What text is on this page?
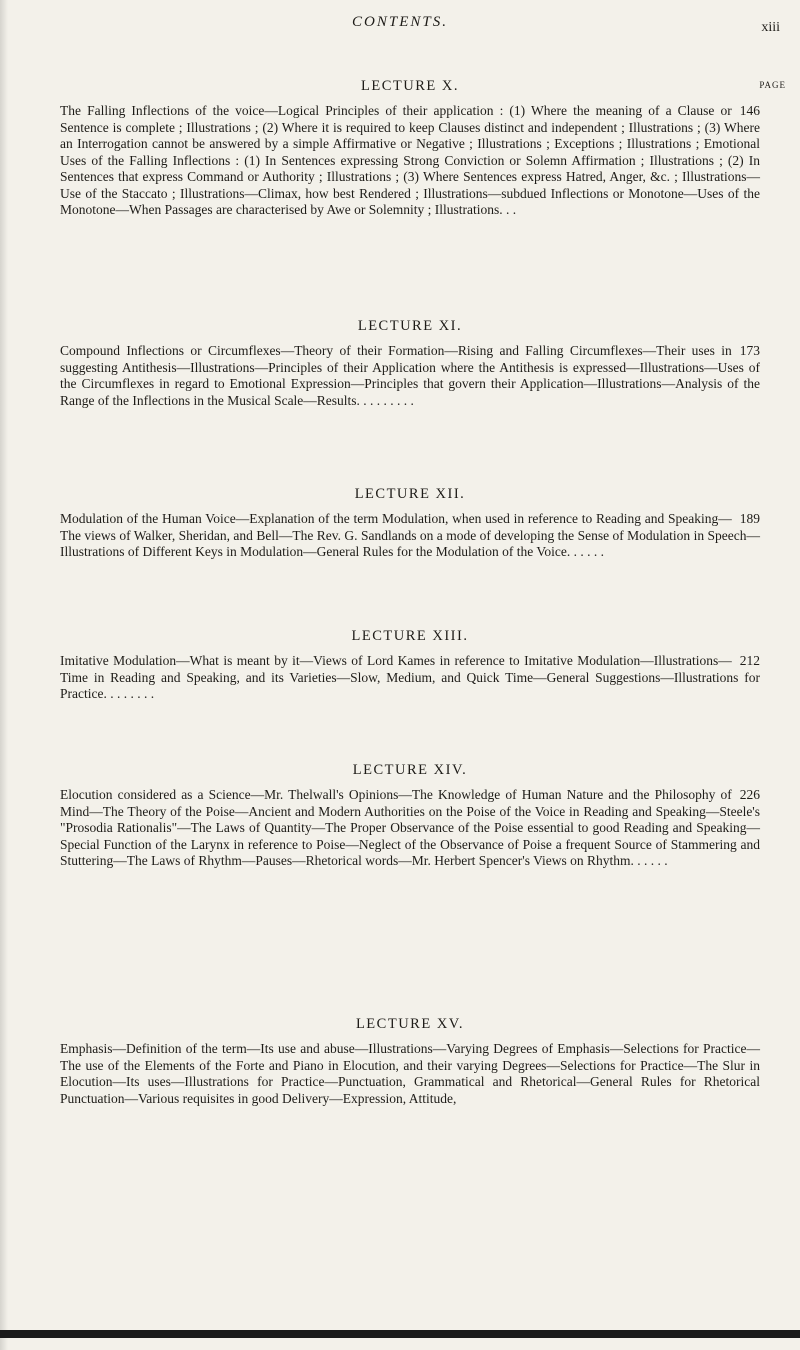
CONTENTS.	xiii
PAGE
LECTURE X.

146
The Falling Inflections of the voice—Logical Principles of their application : (1) Where the meaning of a Clause or Sentence is complete ; Illustrations ; (2) Where it is required to keep Clauses distinct and independent ; Illustrations ; (3) Where an Interrogation cannot be answered by a simple Affirmative or Negative ; Illustrations ; Exceptions ; Illustrations ; Emotional Uses of the Falling Inflections : (1) In Sentences expressing Strong Conviction or Solemn Affirmation ; Illustrations ; (2) In Sentences that express Command or Authority ; Illustrations ; (3) Where Sentences express Hatred, Anger, &c. ; Illustrations—Use of the Staccato ; Illustrations—Climax, how best Rendered ; Illustrations—subdued Inflections or Monotone—Uses of the Monotone—When Passages are characterised by Awe or Solemnity ; Illustrations. . .

LECTURE XI.

173
Compound Inflections or Circumflexes—Theory of their Formation—Rising and Falling Circumflexes—Their uses in suggesting Antithesis—Illustrations—Principles of their Application where the Antithesis is expressed—Illustrations—Uses of the Circumflexes in regard to Emotional Expression—Principles that govern their Application—Illustrations—Analysis of the Range of the Inflections in the Musical Scale—Results. . . . . . . . .

LECTURE XII.

189
Modulation of the Human Voice—Explanation of the term Modulation, when used in reference to Reading and Speaking—The views of Walker, Sheridan, and Bell—The Rev. G. Sandlands on a mode of developing the Sense of Modulation in Speech—Illustrations of Different Keys in Modulation—General Rules for the Modulation of the Voice. . . . . .

LECTURE XIII.

212
Imitative Modulation—What is meant by it—Views of Lord Kames in reference to Imitative Modulation—Illustrations—Time in Reading and Speaking, and its Varieties—Slow, Medium, and Quick Time—General Suggestions—Illustrations for Practice. . . . . . . .

LECTURE XIV.

226
Elocution considered as a Science—Mr. Thelwall's Opinions—The Knowledge of Human Nature and the Philosophy of Mind—The Theory of the Poise—Ancient and Modern Authorities on the Poise of the Voice in Reading and Speaking—Steele's "Prosodia Rationalis"—The Laws of Quantity—The Proper Observance of the Poise essential to good Reading and Speaking—Special Function of the Larynx in reference to Poise—Neglect of the Observance of Poise a frequent Source of Stammering and Stuttering—The Laws of Rhythm—Pauses—Rhetorical words—Mr. Herbert Spencer's Views on Rhythm. . . . . .

LECTURE XV.

Emphasis—Definition of the term—Its use and abuse—Illustrations—Varying Degrees of Emphasis—Selections for Practice—The use of the Elements of the Forte and Piano in Elocution, and their varying Degrees—Selections for Practice—The Slur in Elocution—Its uses—Illustrations for Practice—Punctuation, Grammatical and Rhetorical—General Rules for Rhetorical Punctuation—Various requisites in good Delivery—Expression, Attitude,
